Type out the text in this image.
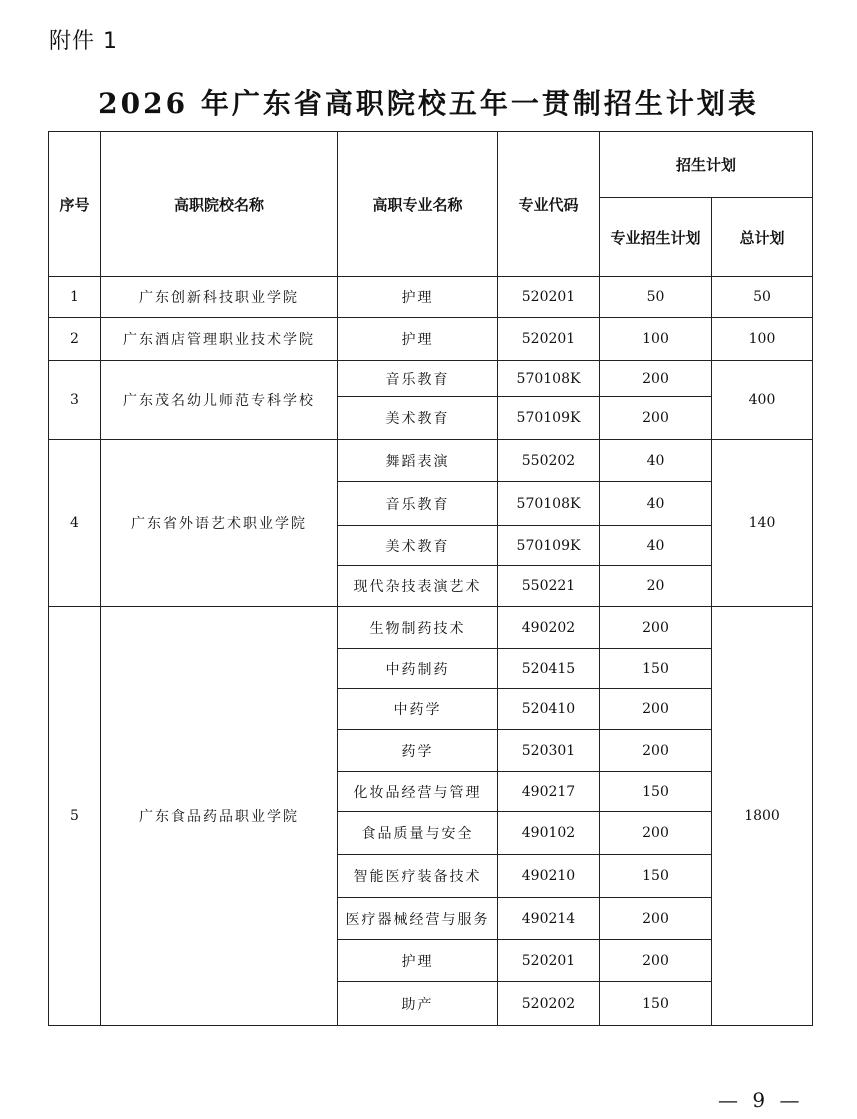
附件 1
2026 年广东省高职院校五年一贯制招生计划表
序号	高职院校名称	高职专业名称	专业代码	招生计划	
				专业招生计划	总计划
1	广东创新科技职业学院	护理	520201	50	50
2	广东酒店管理职业技术学院	护理	520201	100	100
3	广东茂名幼儿师范专科学校	音乐教育	570108K	200	400
		美术教育	570109K	200	
4	广东省外语艺术职业学院	舞蹈表演	550202	40	140
		音乐教育	570108K	40	
		美术教育	570109K	40	
		现代杂技表演艺术	550221	20	
5	广东食品药品职业学院	生物制药技术	490202	200	1800
		中药制药	520415	150	
		中药学	520410	200	
		药学	520301	200	
		化妆品经营与管理	490217	150	
		食品质量与安全	490102	200	
		智能医疗装备技术	490210	150	
		医疗器械经营与服务	490214	200	
		护理	520201	200	
		助产	520202	150	
— 9 —
